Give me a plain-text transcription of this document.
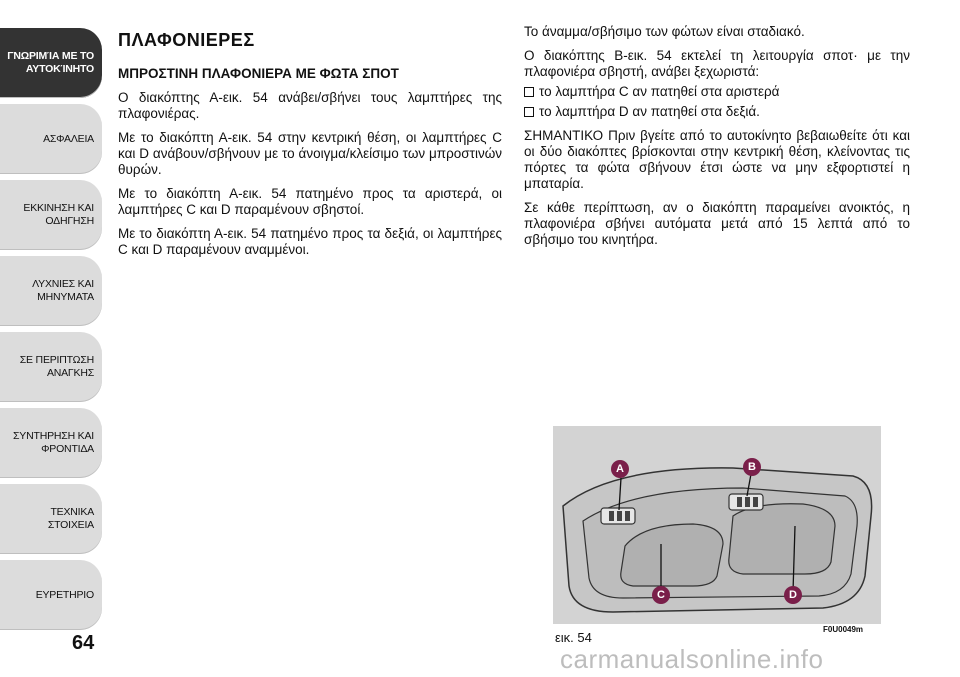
ΓΝΩΡΙΜΊΑ ΜΕ ΤΟ
ΑΥΤΟΚΊΝΗΤΟ
ΑΣΦΑΛΕΙΑ
ΕΚΚΙΝΗΣΗ ΚΑΙ
ΟΔΗΓΗΣΗ
ΛΥΧΝΙΕΣ ΚΑΙ
ΜΗΝΥΜΑΤΑ
ΣΕ ΠΕΡΙΠΤΩΣΗ
ΑΝΑΓΚΗΣ
ΣΥΝΤΗΡΗΣΗ ΚΑΙ
ΦΡΟΝΤΙΔΑ
ΤΕΧΝΙΚΑ ΣΤΟΙΧΕΙΑ
ΕΥΡΕΤΗΡΙΟ
64
ΠΛΑΦΟΝΙΕΡΕΣ
ΜΠΡΟΣΤΙΝΗ ΠΛΑΦΟΝΙΕΡΑ ΜΕ ΦΩΤΑ ΣΠΟΤ

Ο διακόπτης Α-εικ. 54 ανάβει/σβήνει τους λαμπτήρες της πλαφονιέρας.

Με το διακόπτη Α-εικ. 54 στην κεντρική θέση, οι λαμπτήρες C και D ανάβουν/σβήνουν με το άνοιγμα/κλείσιμο των μπροστινών θυρών.

Με το διακόπτη Α-εικ. 54 πατημένο προς τα αριστερά, οι λαμπτήρες C και D παραμένουν σβηστοί.

Με το διακόπτη Α-εικ. 54 πατημένο προς τα δεξιά, οι λαμπτήρες C και D παραμένουν αναμμένοι.

Το άναμμα/σβήσιμο των φώτων είναι σταδιακό.

Ο διακόπτης Β-εικ. 54 εκτελεί τη λειτουργία σποτ· με την πλαφονιέρα σβηστή, ανάβει ξεχωριστά:

το λαμπτήρα C αν πατηθεί στα αριστερά
το λαμπτήρα D αν πατηθεί στα δεξιά.

ΣΗΜΑΝΤΙΚΟ Πριν βγείτε από το αυτοκίνητο βεβαιωθείτε ότι και οι δύο διακόπτες βρίσκονται στην κεντρική θέση, κλείνοντας τις πόρτες τα φώτα σβήνουν έτσι ώστε να μην εξφορτιστεί η μπαταρία.

Σε κάθε περίπτωση, αν ο διακόπτη παραμείνει ανοικτός, η πλαφονιέρα σβήνει αυτόματα μετά από 15 λεπτά από το σβήσιμο του κινητήρα.

A	B
C	D
F0U0049m
εικ. 54
carmanualsonline.info
